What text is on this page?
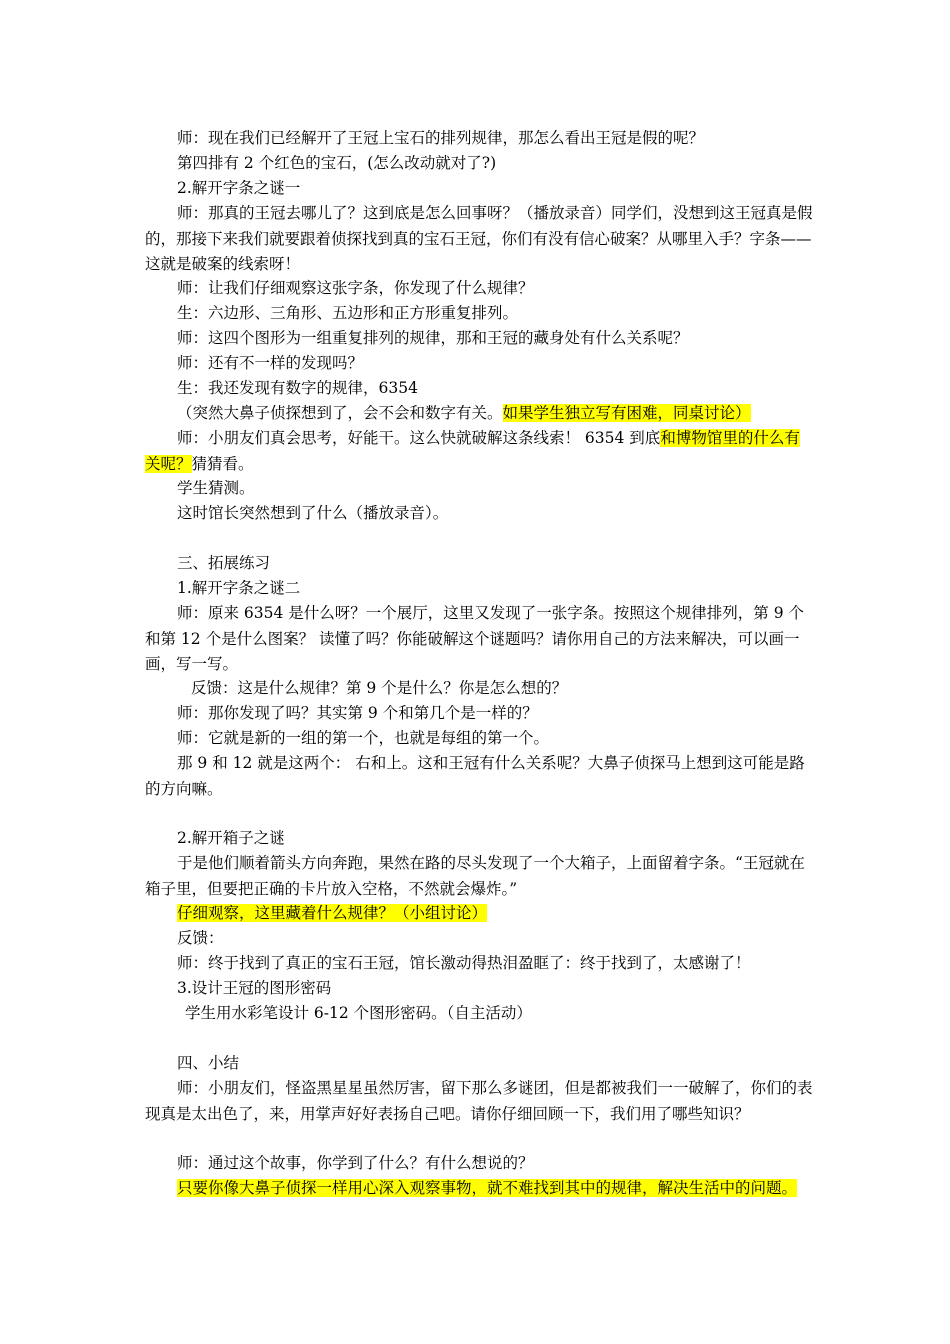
师：现在我们已经解开了王冠上宝石的排列规律，那怎么看出王冠是假的呢？

第四排有 2 个红色的宝石，(怎么改动就对了?)

2.解开字条之谜一

师：那真的王冠去哪儿了？这到底是怎么回事呀？（播放录音）同学们，没想到这王冠真是假的，那接下来我们就要跟着侦探找到真的宝石王冠，你们有没有信心破案？从哪里入手？字条——这就是破案的线索呀！

师：让我们仔细观察这张字条，你发现了什么规律？

生：六边形、三角形、五边形和正方形重复排列。

师：这四个图形为一组重复排列的规律，那和王冠的藏身处有什么关系呢？

师：还有不一样的发现吗？

生：我还发现有数字的规律，6354

（突然大鼻子侦探想到了，会不会和数字有关。如果学生独立写有困难，同桌讨论）

师：小朋友们真会思考，好能干。这么快就破解这条线索！ 6354 到底和博物馆里的什么有关呢？猜猜看。

学生猜测。

这时馆长突然想到了什么（播放录音）。

三、拓展练习

1.解开字条之谜二

师：原来 6354 是什么呀？一个展厅，这里又发现了一张字条。按照这个规律排列，第 9 个和第 12 个是什么图案？ 读懂了吗？你能破解这个谜题吗？请你用自己的方法来解决，可以画一画，写一写。

反馈：这是什么规律？第 9 个是什么？你是怎么想的？

师：那你发现了吗？其实第 9 个和第几个是一样的？

师：它就是新的一组的第一个，也就是每组的第一个。

那 9 和 12 就是这两个： 右和上。这和王冠有什么关系呢？大鼻子侦探马上想到这可能是路的方向嘛。

2.解开箱子之谜

于是他们顺着箭头方向奔跑，果然在路的尽头发现了一个大箱子，上面留着字条。“王冠就在箱子里，但要把正确的卡片放入空格，不然就会爆炸。”

仔细观察，这里藏着什么规律？（小组讨论）

反馈：

师：终于找到了真正的宝石王冠，馆长激动得热泪盈眶了：终于找到了，太感谢了！

3.设计王冠的图形密码

学生用水彩笔设计 6-12 个图形密码。（自主活动）

四、小结

师：小朋友们，怪盗黑星星虽然厉害，留下那么多谜团，但是都被我们一一破解了，你们的表现真是太出色了，来，用掌声好好表扬自己吧。请你仔细回顾一下，我们用了哪些知识？

师：通过这个故事，你学到了什么？有什么想说的？

只要你像大鼻子侦探一样用心深入观察事物，就不难找到其中的规律，解决生活中的问题。
